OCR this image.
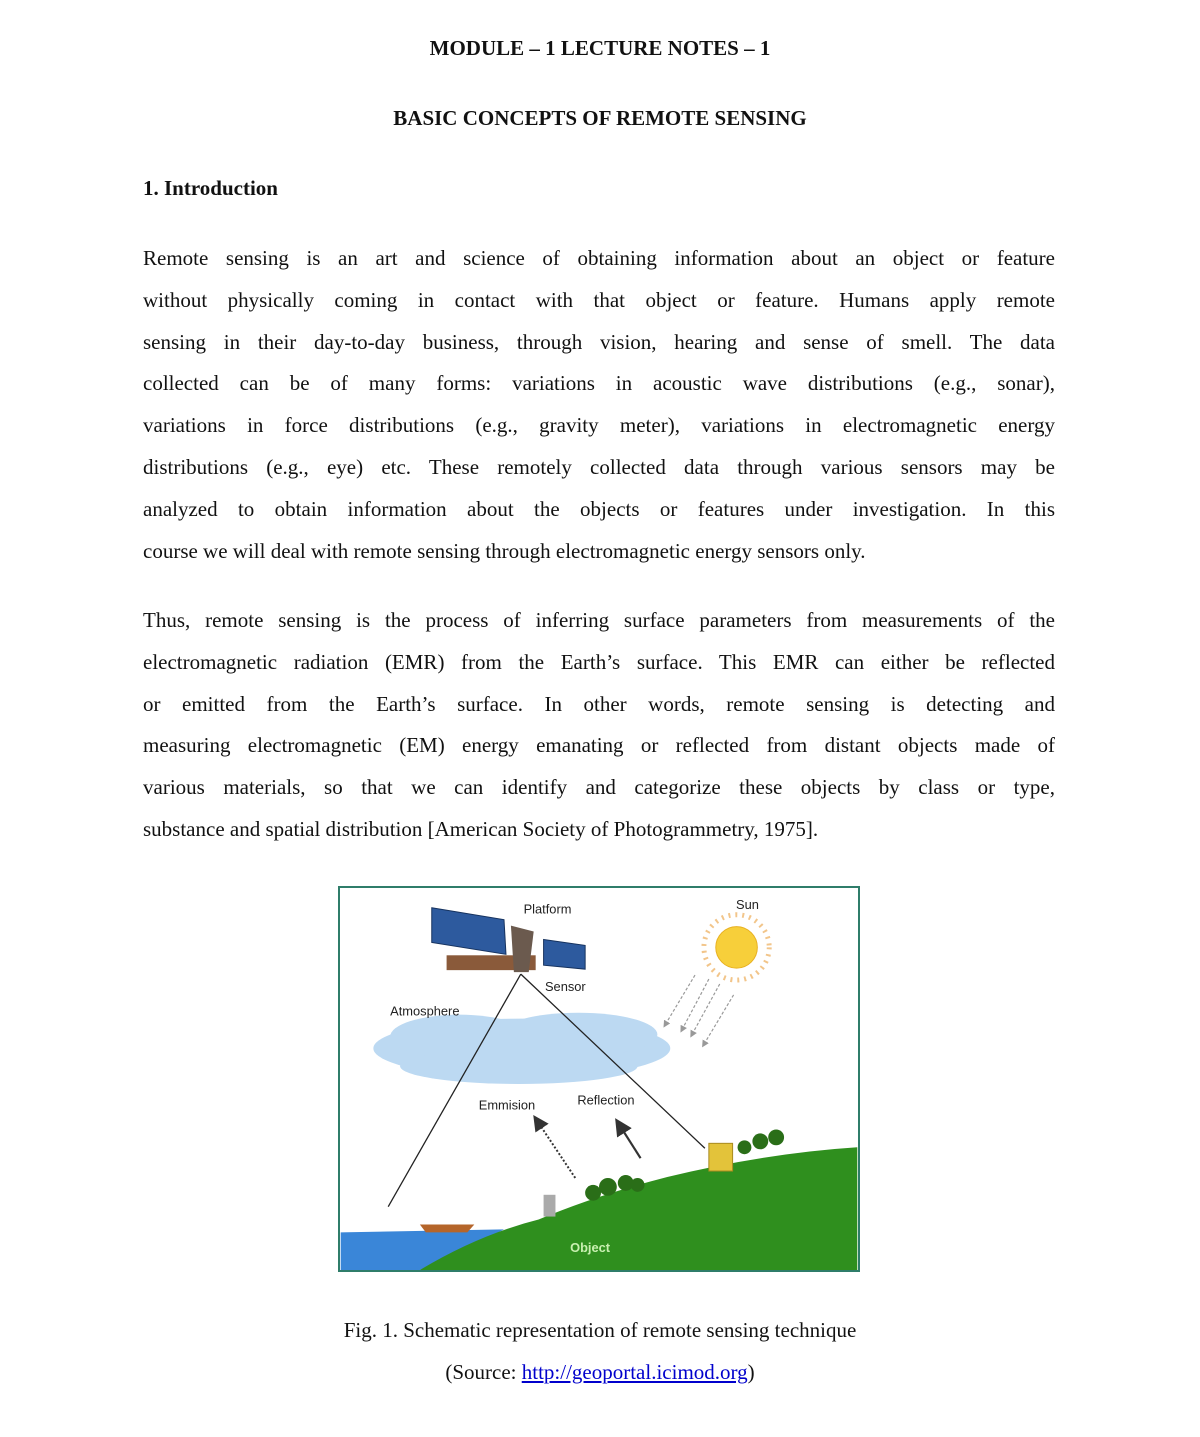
MODULE – 1 LECTURE NOTES – 1
BASIC CONCEPTS OF REMOTE SENSING
1. Introduction
Remote sensing is an art and science of obtaining information about an object or feature
without physically coming in contact with that object or feature. Humans apply remote
sensing in their day-to-day business, through vision, hearing and sense of smell. The data
collected can be of many forms: variations in acoustic wave distributions (e.g., sonar),
variations in force distributions (e.g., gravity meter), variations in electromagnetic energy
distributions (e.g., eye) etc. These remotely collected data through various sensors may be
analyzed to obtain information about the objects or features under investigation. In this
course we will deal with remote sensing through electromagnetic energy sensors only.
Thus, remote sensing is the process of inferring surface parameters from measurements of the
electromagnetic radiation (EMR) from the Earth’s surface. This EMR can either be reflected
or emitted from the Earth’s surface. In other words, remote sensing is detecting and
measuring electromagnetic (EM) energy emanating or reflected from distant objects made of
various materials, so that we can identify and categorize these objects by class or type,
substance and spatial distribution [American Society of Photogrammetry, 1975].
Platform	Sun
Sensor
Atmosphere
Emmision	Reflection
Object
Fig. 1. Schematic representation of remote sensing technique
(Source: http://geoportal.icimod.org)
